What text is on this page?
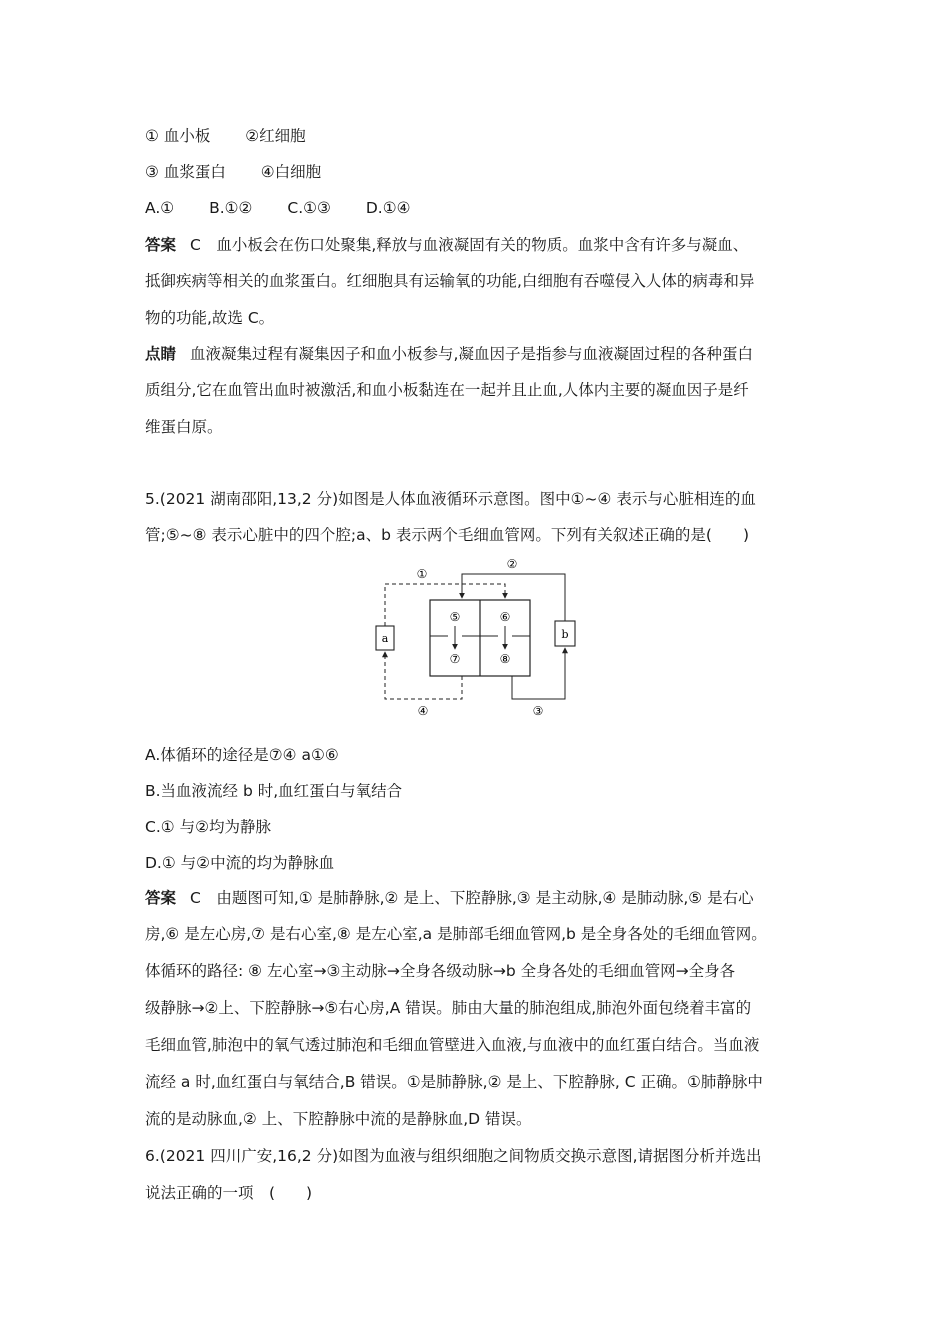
① 血小板 ②红细胞
③ 血浆蛋白 ④白细胞
A.① B.①② C.①③ D.①④
答案 C　血小板会在伤口处聚集,释放与血液凝固有关的物质。血浆中含有许多与凝血、
抵御疾病等相关的血浆蛋白。红细胞具有运输氧的功能,白细胞有吞噬侵入人体的病毒和异
物的功能,故选 C。
点睛 血液凝集过程有凝集因子和血小板参与,凝血因子是指参与血液凝固过程的各种蛋白
质组分,它在血管出血时被激活,和血小板黏连在一起并且止血,人体内主要的凝血因子是纤
维蛋白原。
5.(2021 湖南邵阳,13,2 分)如图是人体血液循环示意图。图中①~④ 表示与心脏相连的血
管;⑤~⑧ 表示心脏中的四个腔;a、b 表示两个毛细血管网。下列有关叙述正确的是(　　)
⑤	⑥
⑦	⑧
a	b
①
②
③
④
A.体循环的途径是⑦④ a①⑥
B.当血液流经 b 时,血红蛋白与氧结合
C.① 与②均为静脉
D.① 与②中流的均为静脉血
答案 C　由题图可知,① 是肺静脉,② 是上、下腔静脉,③ 是主动脉,④ 是肺动脉,⑤ 是右心
房,⑥ 是左心房,⑦ 是右心室,⑧ 是左心室,a 是肺部毛细血管网,b 是全身各处的毛细血管网。
体循环的路径: ⑧ 左心室→③主动脉→全身各级动脉→b 全身各处的毛细血管网→全身各
级静脉→②上、下腔静脉→⑤右心房,A 错误。肺由大量的肺泡组成,肺泡外面包绕着丰富的
毛细血管,肺泡中的氧气透过肺泡和毛细血管壁进入血液,与血液中的血红蛋白结合。当血液
流经 a 时,血红蛋白与氧结合,B 错误。①是肺静脉,② 是上、下腔静脉, C 正确。①肺静脉中
流的是动脉血,② 上、下腔静脉中流的是静脉血,D 错误。
6.(2021 四川广安,16,2 分)如图为血液与组织细胞之间物质交换示意图,请据图分析并选出
说法正确的一项　(　　)
